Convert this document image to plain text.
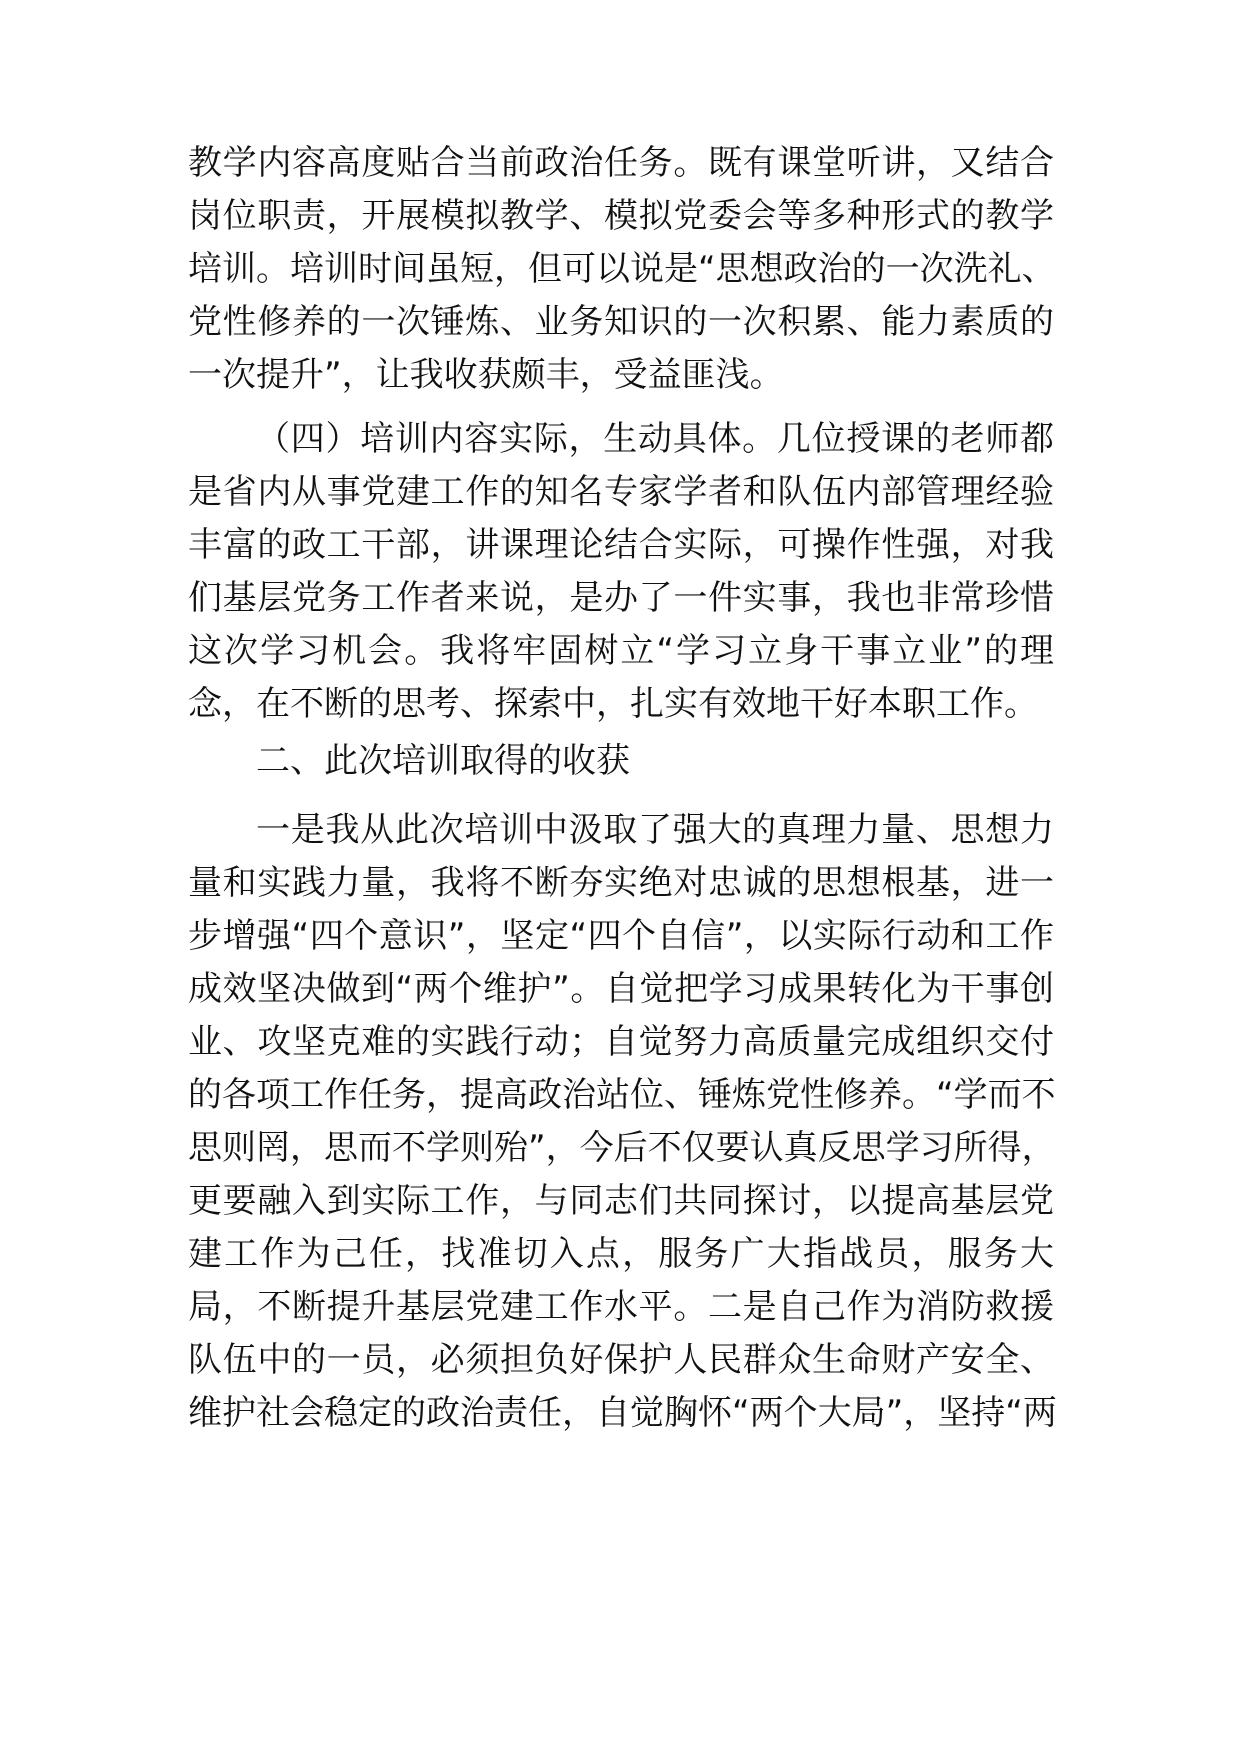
教学内容高度贴合当前政治任务。既有课堂听讲，又结合
岗位职责，开展模拟教学、模拟党委会等多种形式的教学
培训。培训时间虽短，但可以说是“思想政治的一次洗礼、
党性修养的一次锤炼、业务知识的一次积累、能力素质的
一次提升”，让我收获颇丰，受益匪浅。
（四）培训内容实际，生动具体。几位授课的老师都
是省内从事党建工作的知名专家学者和队伍内部管理经验
丰富的政工干部，讲课理论结合实际，可操作性强，对我
们基层党务工作者来说，是办了一件实事，我也非常珍惜
这次学习机会。我将牢固树立“学习立身干事立业”的理
念，在不断的思考、探索中，扎实有效地干好本职工作。
二、此次培训取得的收获
一是我从此次培训中汲取了强大的真理力量、思想力
量和实践力量，我将不断夯实绝对忠诚的思想根基，进一
步增强“四个意识”，坚定“四个自信”，以实际行动和工作
成效坚决做到“两个维护”。自觉把学习成果转化为干事创
业、攻坚克难的实践行动；自觉努力高质量完成组织交付
的各项工作任务，提高政治站位、锤炼党性修养。“学而不
思则罔，思而不学则殆”，今后不仅要认真反思学习所得，
更要融入到实际工作，与同志们共同探讨，以提高基层党
建工作为己任，找准切入点，服务广大指战员，服务大
局，不断提升基层党建工作水平。二是自己作为消防救援
队伍中的一员，必须担负好保护人民群众生命财产安全、
维护社会稳定的政治责任，自觉胸怀“两个大局”，坚持“两
